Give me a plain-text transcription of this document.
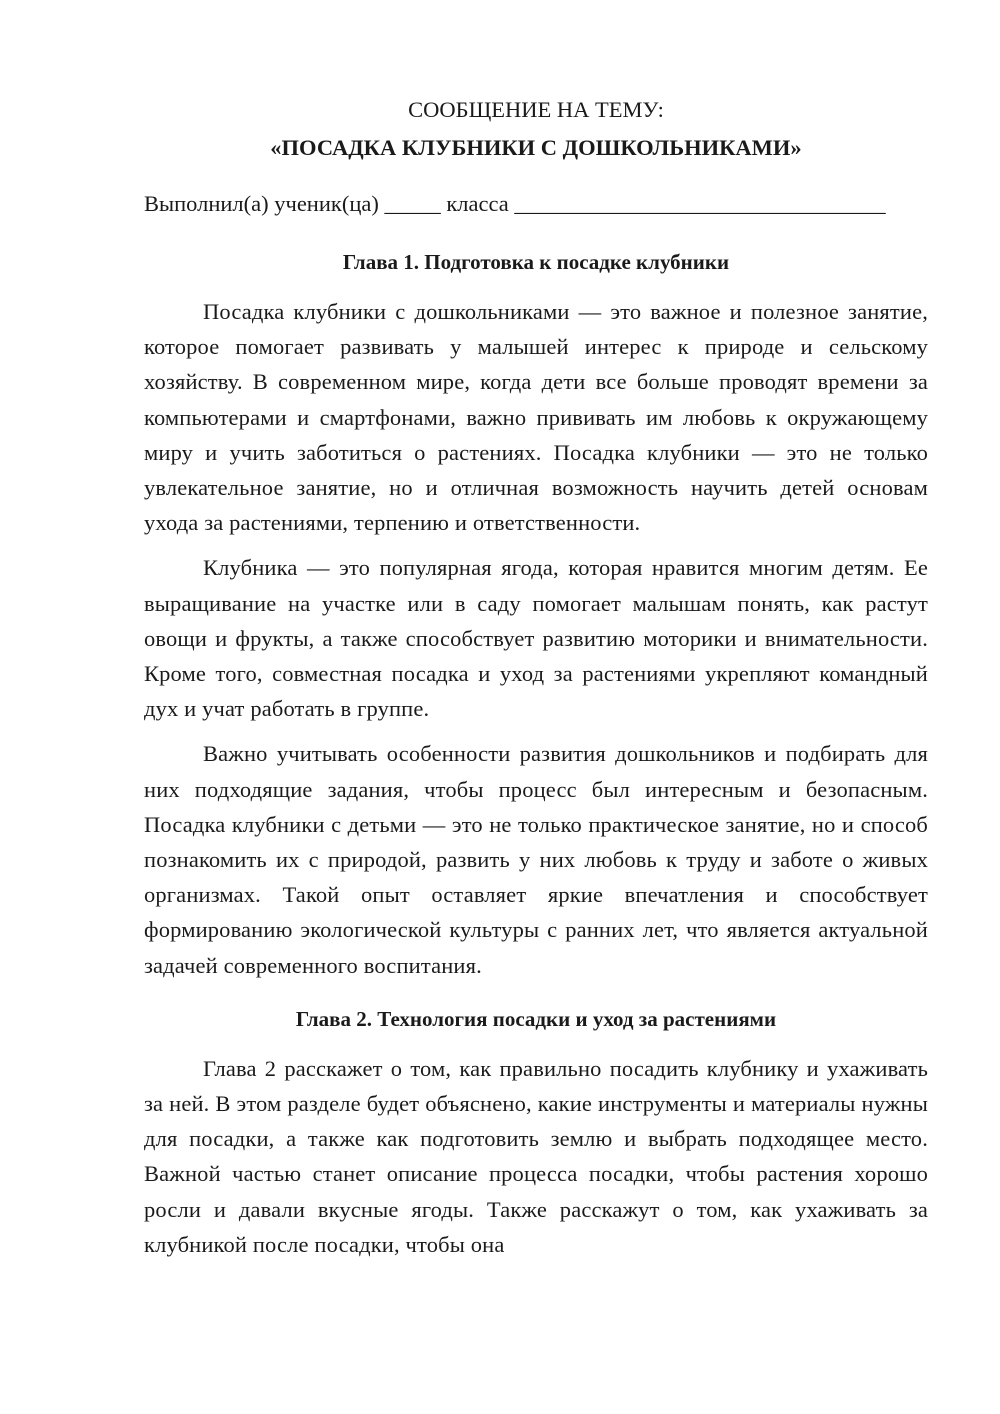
СООБЩЕНИЕ НА ТЕМУ:
«ПОСАДКА КЛУБНИКИ С ДОШКОЛЬНИКАМИ»
Выполнил(а) ученик(ца) _____ класса _________________________________
Глава 1. Подготовка к посадке клубники

Посадка клубники с дошкольниками — это важное и полезное занятие, которое помогает развивать у малышей интерес к природе и сельскому хозяйству. В современном мире, когда дети все больше проводят времени за компьютерами и смартфонами, важно прививать им любовь к окружающему миру и учить заботиться о растениях. Посадка клубники — это не только увлекательное занятие, но и отличная возможность научить детей основам ухода за растениями, терпению и ответственности.

Клубника — это популярная ягода, которая нравится многим детям. Ее выращивание на участке или в саду помогает малышам понять, как растут овощи и фрукты, а также способствует развитию моторики и внимательности. Кроме того, совместная посадка и уход за растениями укрепляют командный дух и учат работать в группе.

Важно учитывать особенности развития дошкольников и подбирать для них подходящие задания, чтобы процесс был интересным и безопасным. Посадка клубники с детьми — это не только практическое занятие, но и способ познакомить их с природой, развить у них любовь к труду и заботе о живых организмах. Такой опыт оставляет яркие впечатления и способствует формированию экологической культуры с ранних лет, что является актуальной задачей современного воспитания.

Глава 2. Технология посадки и уход за растениями

Глава 2 расскажет о том, как правильно посадить клубнику и ухаживать за ней. В этом разделе будет объяснено, какие инструменты и материалы нужны для посадки, а также как подготовить землю и выбрать подходящее место. Важной частью станет описание процесса посадки, чтобы растения хорошо росли и давали вкусные ягоды. Также расскажут о том, как ухаживать за клубникой после посадки, чтобы она
